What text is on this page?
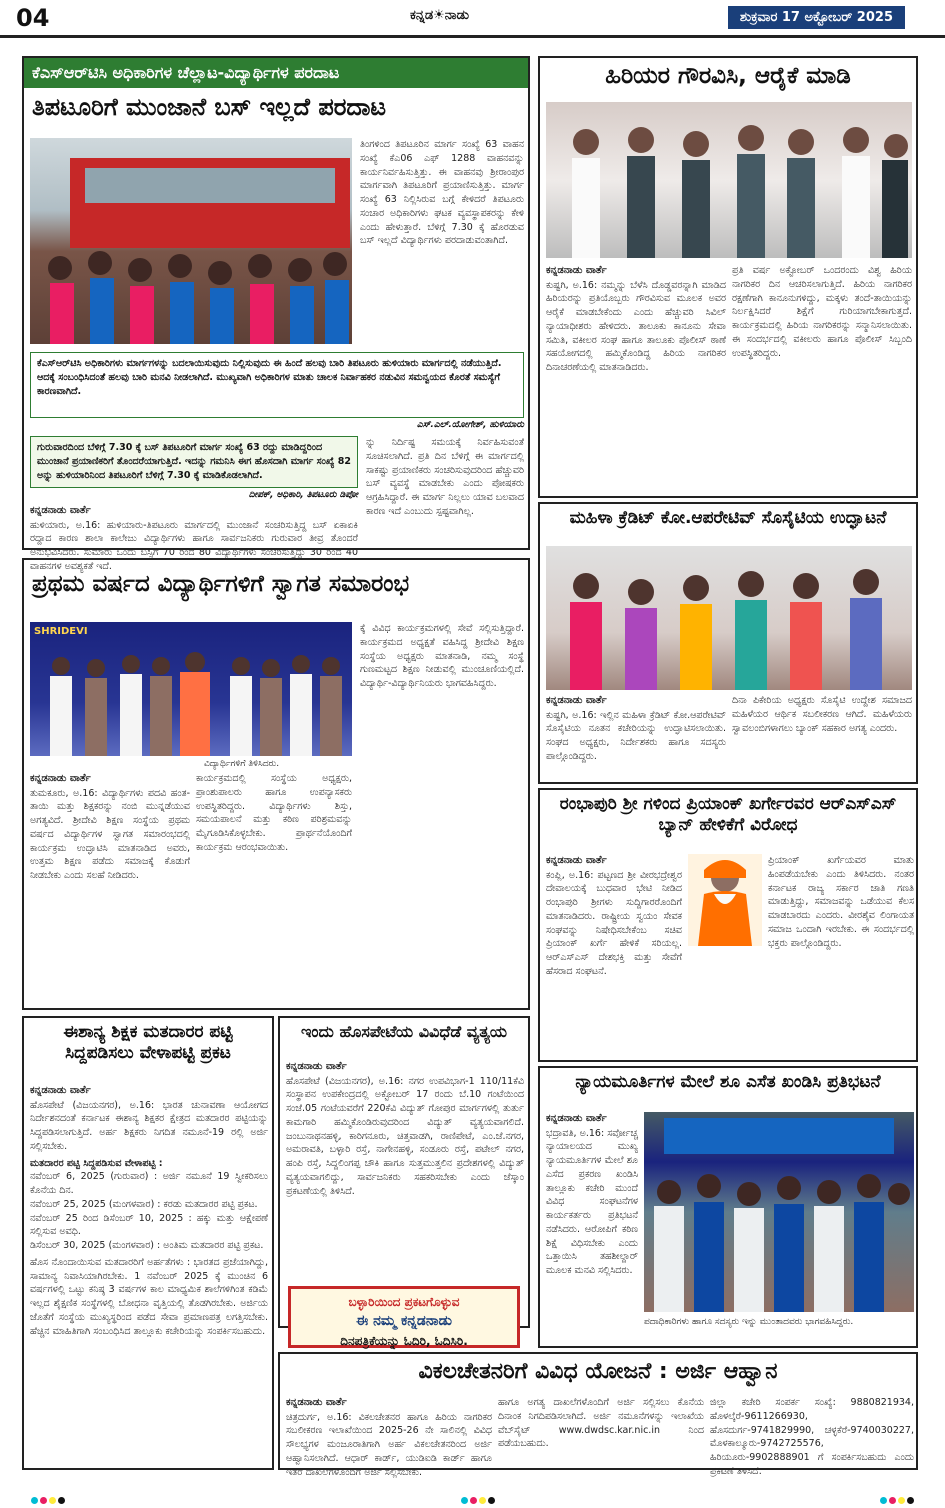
04	ಕನ್ನಡ☀ನಾಡು	ಶುಕ್ರವಾರ 17 ಅಕ್ಟೋಬರ್ 2025
ಕೆಎಸ್‌ಆರ್‌ಟಿಸಿ ಅಧಿಕಾರಿಗಳ ಚೆಲ್ಲಾಟ-ವಿದ್ಯಾರ್ಥಿಗಳ ಪರದಾಟ
ತಿಪಟೂರಿಗೆ ಮುಂಜಾನೆ ಬಸ್ ಇಲ್ಲದೆ ಪರದಾಟ
ತಿಂಗಳಿಂದ ತಿಪಟೂರಿನ ಮಾರ್ಗ ಸಂಖ್ಯೆ 63 ವಾಹನ ಸಂಖ್ಯೆ ಕೆಎ06 ಎಫ್ 1288 ವಾಹನವನ್ನು ಕಾರ್ಯನಿರ್ವಹಿಸುತ್ತಿತ್ತು. ಈ ವಾಹನವು ಶ್ರೀರಾಂಪುರ ಮಾರ್ಗವಾಗಿ ತಿಪಟೂರಿಗೆ ಪ್ರಯಾಣಿಸುತ್ತಿತ್ತು. ಮಾರ್ಗ ಸಂಖ್ಯೆ 63 ನಿಲ್ಲಿಸಿರುವ ಬಗ್ಗೆ ಕೇಳಿದರೆ ತಿಪಟೂರು ಸಂಚಾರ ಅಧಿಕಾರಿಗಳು ಘಟಕ ವ್ಯವಸ್ಥಾಪಕರನ್ನು ಕೇಳಿ ಎಂದು ಹೇಳುತ್ತಾರೆ. ಬೆಳಿಗ್ಗೆ 7.30 ಕ್ಕೆ ಹೊರಡುವ ಬಸ್ ಇಲ್ಲದೆ ವಿದ್ಯಾರ್ಥಿಗಳು ಪರದಾಡುವಂತಾಗಿದೆ.
ಕೆಎಸ್‌ಆರ್‌ಟಿಸಿ ಅಧಿಕಾರಿಗಳು ಮಾರ್ಗಗಳನ್ನು ಬದಲಾಯಿಸುವುದು ನಿಲ್ಲಿಸುವುದು ಈ ಹಿಂದೆ ಹಲವು ಬಾರಿ ತಿಪಟೂರು ಹುಳಿಯಾರು ಮಾರ್ಗದಲ್ಲಿ ನಡೆಯುತ್ತಿದೆ. ಆದಕ್ಕೆ ಸಂಬಂಧಿಸಿದಂತೆ ಹಲವು ಬಾರಿ ಮನವಿ ನೀಡಲಾಗಿದೆ. ಮುಖ್ಯವಾಗಿ ಅಧಿಕಾರಿಗಳ ಮಾತು ಚಾಲಕ ನಿರ್ವಾಹಕರ ನಡುವಿನ ಸಮನ್ವಯದ ಕೊರತೆ ಸಮಸ್ಯೆಗೆ ಕಾರಣವಾಗಿದೆ.
ಎಸ್.ಎಲ್.ಯೋಗೇಶ್, ಹುಳಿಯಾರು
ಗುರುವಾರದಿಂದ ಬೆಳಿಗ್ಗೆ 7.30 ಕ್ಕೆ ಬಸ್ ತಿಪಟೂರಿಗೆ ಮಾರ್ಗ ಸಂಖ್ಯೆ 63 ರದ್ದು ಮಾಡಿದ್ದರಿಂದ ಮುಂಜಾನೆ ಪ್ರಯಾಣಿಕರಿಗೆ ತೊಂದರೆಯಾಗುತ್ತಿದೆ. ಇದನ್ನು ಗಮನಿಸಿ ಈಗ ಹೊಸದಾಗಿ ಮಾರ್ಗ ಸಂಖ್ಯೆ 82 ಅನ್ನು ಹುಳಿಯಾರಿನಿಂದ ತಿಪಟೂರಿಗೆ ಬೆಳಿಗ್ಗೆ 7.30 ಕ್ಕೆ ಮಾಡಿಕೊಡಲಾಗಿದೆ.
ದೀಪಕ್, ಅಧಿಕಾರಿ, ತಿಪಟೂರು ಡಿಪೋ
ನ್ನು ನಿರ್ದಿಷ್ಟ ಸಮಯಕ್ಕೆ ನಿರ್ವಹಿಸುವಂತೆ ಸೂಚಿಸಲಾಗಿದೆ. ಪ್ರತಿ ದಿನ ಬೆಳಿಗ್ಗೆ ಈ ಮಾರ್ಗದಲ್ಲಿ ಸಾಕಷ್ಟು ಪ್ರಯಾಣಿಕರು ಸಂಚರಿಸುವುದರಿಂದ ಹೆಚ್ಚುವರಿ ಬಸ್ ವ್ಯವಸ್ಥೆ ಮಾಡಬೇಕು ಎಂದು ಪೋಷಕರು ಆಗ್ರಹಿಸಿದ್ದಾರೆ. ಈ ಮಾರ್ಗ ನಿಲ್ಲಲು ಯಾವ ಬಲವಾದ ಕಾರಣ ಇದೆ ಎಂಬುದು ಸ್ಪಷ್ಟವಾಗಿಲ್ಲ.
ಕನ್ನಡನಾಡು ವಾರ್ತೆ
ಹುಳಿಯಾರು, ಅ.16: ಹುಳಿಯಾರು-ತಿಪಟೂರು ಮಾರ್ಗದಲ್ಲಿ ಮುಂಜಾನೆ ಸಂಚರಿಸುತ್ತಿದ್ದ ಬಸ್ ಏಕಾಏಕಿ ರದ್ದಾದ ಕಾರಣ ಶಾಲಾ ಕಾಲೇಜು ವಿದ್ಯಾರ್ಥಿಗಳು ಹಾಗೂ ಸಾರ್ವಜನಿಕರು ಗುರುವಾರ ತೀವ್ರ ತೊಂದರೆ ಅನುಭವಿಸಿದರು. ಸುಮಾರು ಒಂದು ಬಸ್ಸಿಗೆ 70 ರಿಂದ 80 ವಿದ್ಯಾರ್ಥಿಗಳು ಸಂಚರಿಸುತ್ತಿದ್ದು 30 ರಿಂದ 40 ವಾಹನಗಳ ಅವಶ್ಯಕತೆ ಇದೆ.
ಪ್ರಥಮ ವರ್ಷದ ವಿದ್ಯಾರ್ಥಿಗಳಿಗೆ ಸ್ವಾಗತ ಸಮಾರಂಭ
SHRIDEVI
ವಿದ್ಯಾರ್ಥಿಗಳಿಗೆ ತಿಳಿಸಿದರು.
ಕ್ಕೆ ವಿವಿಧ ಕಾರ್ಯಕ್ರಮಗಳಲ್ಲಿ ಸೇವೆ ಸಲ್ಲಿಸುತ್ತಿದ್ದಾರೆ. ಕಾರ್ಯಕ್ರಮದ ಅಧ್ಯಕ್ಷತೆ ವಹಿಸಿದ್ದ ಶ್ರೀದೇವಿ ಶಿಕ್ಷಣ ಸಂಸ್ಥೆಯ ಅಧ್ಯಕ್ಷರು ಮಾತನಾಡಿ, ನಮ್ಮ ಸಂಸ್ಥೆ ಗುಣಮಟ್ಟದ ಶಿಕ್ಷಣ ನೀಡುವಲ್ಲಿ ಮುಂಚೂಣಿಯಲ್ಲಿದೆ. ವಿದ್ಯಾರ್ಥಿ-ವಿದ್ಯಾರ್ಥಿನಿಯರು ಭಾಗವಹಿಸಿದ್ದರು.
ಕನ್ನಡನಾಡು ವಾರ್ತೆ
ತುಮಕೂರು, ಅ.16: ವಿದ್ಯಾರ್ಥಿಗಳು ಪದವಿ ಹಂತ-ತಾಯಿ ಮತ್ತು ಶಿಕ್ಷಕರನ್ನು ನಂಬಿ ಮುನ್ನಡೆಯುವ ಅಗತ್ಯವಿದೆ. ಶ್ರೀದೇವಿ ಶಿಕ್ಷಣ ಸಂಸ್ಥೆಯ ಪ್ರಥಮ ವರ್ಷದ ವಿದ್ಯಾರ್ಥಿಗಳ ಸ್ವಾಗತ ಸಮಾರಂಭದಲ್ಲಿ ಕಾರ್ಯಕ್ರಮ ಉದ್ಘಾಟಿಸಿ ಮಾತನಾಡಿದ ಅವರು, ಉತ್ತಮ ಶಿಕ್ಷಣ ಪಡೆದು ಸಮಾಜಕ್ಕೆ ಕೊಡುಗೆ ನೀಡಬೇಕು ಎಂದು ಸಲಹೆ ನೀಡಿದರು.
ಕಾರ್ಯಕ್ರಮದಲ್ಲಿ ಸಂಸ್ಥೆಯ ಅಧ್ಯಕ್ಷರು, ಪ್ರಾಂಶುಪಾಲರು ಹಾಗೂ ಉಪನ್ಯಾಸಕರು ಉಪಸ್ಥಿತರಿದ್ದರು. ವಿದ್ಯಾರ್ಥಿಗಳು ಶಿಸ್ತು, ಸಮಯಪಾಲನೆ ಮತ್ತು ಕಠಿಣ ಪರಿಶ್ರಮವನ್ನು ಮೈಗೂಡಿಸಿಕೊಳ್ಳಬೇಕು. ಪ್ರಾರ್ಥನೆಯೊಂದಿಗೆ ಕಾರ್ಯಕ್ರಮ ಆರಂಭವಾಯಿತು.
ಈಶಾನ್ಯ ಶಿಕ್ಷಕ ಮತದಾರರ ಪಟ್ಟಿ ಸಿದ್ದಪಡಿಸಲು ವೇಳಾಪಟ್ಟಿ ಪ್ರಕಟ
ಕನ್ನಡನಾಡು ವಾರ್ತೆ
ಹೊಸಪೇಟೆ (ವಿಜಯನಗರ), ಅ.16: ಭಾರತ ಚುನಾವಣಾ ಆಯೋಗದ ನಿರ್ದೇಶನದಂತೆ ಕರ್ನಾಟಕ ಈಶಾನ್ಯ ಶಿಕ್ಷಕರ ಕ್ಷೇತ್ರದ ಮತದಾರರ ಪಟ್ಟಿಯನ್ನು ಸಿದ್ದಪಡಿಸಲಾಗುತ್ತಿದೆ. ಅರ್ಹ ಶಿಕ್ಷಕರು ನಿಗದಿತ ನಮೂನೆ-19 ರಲ್ಲಿ ಅರ್ಜಿ ಸಲ್ಲಿಸಬೇಕು.
ಮತದಾರರ ಪಟ್ಟಿ ಸಿದ್ದಪಡಿಸುವ ವೇಳಾಪಟ್ಟಿ :
ನವೆಂಬರ್ 6, 2025 (ಗುರುವಾರ) : ಅರ್ಜಿ ನಮೂನೆ 19 ಸ್ವೀಕರಿಸಲು ಕೊನೆಯ ದಿನ.
ನವೆಂಬರ್ 25, 2025 (ಮಂಗಳವಾರ) : ಕರಡು ಮತದಾರರ ಪಟ್ಟಿ ಪ್ರಕಟ.
ನವೆಂಬರ್ 25 ರಿಂದ ಡಿಸೆಂಬರ್ 10, 2025 : ಹಕ್ಕು ಮತ್ತು ಆಕ್ಷೇಪಣೆ ಸಲ್ಲಿಸುವ ಅವಧಿ.
ಡಿಸೆಂಬರ್ 30, 2025 (ಮಂಗಳವಾರ) : ಅಂತಿಮ ಮತದಾರರ ಪಟ್ಟಿ ಪ್ರಕಟ.
ಹೊಸ ನೊಂದಾಯಿಸುವ ಮತದಾರರಿಗೆ ಅರ್ಹತೆಗಳು : ಭಾರತದ ಪ್ರಜೆಯಾಗಿದ್ದು, ಸಾಮಾನ್ಯ ನಿವಾಸಿಯಾಗಿರಬೇಕು. 1 ನವೆಂಬರ್ 2025 ಕ್ಕೆ ಮುಂಚಿನ 6 ವರ್ಷಗಳಲ್ಲಿ ಒಟ್ಟು ಕನಿಷ್ಠ 3 ವರ್ಷಗಳ ಕಾಲ ಮಾಧ್ಯಮಿಕ ಶಾಲೆಗಳಿಗಿಂತ ಕಡಿಮೆ ಇಲ್ಲದ ಶೈಕ್ಷಣಿಕ ಸಂಸ್ಥೆಗಳಲ್ಲಿ ಬೋಧನಾ ವೃತ್ತಿಯಲ್ಲಿ ತೊಡಗಿರಬೇಕು. ಅರ್ಜಿಯ ಜೊತೆಗೆ ಸಂಸ್ಥೆಯ ಮುಖ್ಯಸ್ಥರಿಂದ ಪಡೆದ ಸೇವಾ ಪ್ರಮಾಣಪತ್ರ ಲಗತ್ತಿಸಬೇಕು. ಹೆಚ್ಚಿನ ಮಾಹಿತಿಗಾಗಿ ಸಂಬಂಧಿಸಿದ ತಾಲ್ಲೂಕು ಕಚೇರಿಯನ್ನು ಸಂಪರ್ಕಿಸಬಹುದು.
ಇಂದು ಹೊಸಪೇಟೆಯ ವಿವಿಧೆಡೆ ವ್ಯತ್ಯಯ
ಕನ್ನಡನಾಡು ವಾರ್ತೆ
ಹೊಸಪೇಟೆ (ವಿಜಯನಗರ), ಅ.16: ನಗರ ಉಪವಿಭಾಗ-1 110/11ಕೆವಿ ಸಂಸ್ಥಾಪನ ಉಪಕೇಂದ್ರದಲ್ಲಿ ಅಕ್ಟೋಬರ್ 17 ರಂದು ಬೆ.10 ಗಂಟೆಯಿಂದ ಸಂಜೆ.05 ಗಂಟೆಯವರೆಗೆ 220ಕೆವಿ ವಿದ್ಯುತ್ ಗೋಪುರ ಮಾರ್ಗಗಳಲ್ಲಿ ತುರ್ತು ಕಾಮಗಾರಿ ಹಮ್ಮಿಕೊಂಡಿರುವುದರಿಂದ ವಿದ್ಯುತ್ ವ್ಯತ್ಯಯವಾಗಲಿದೆ. ಜಂಬುನಾಥನಹಳ್ಳಿ, ಕಾರಿಗನೂರು, ಚಿತ್ತವಾಡಗಿ, ರಾಣಿಪೇಟೆ, ಎಂ.ಜೆ.ನಗರ, ಅಮರಾವತಿ, ಬಳ್ಳಾರಿ ರಸ್ತೆ, ನಾಗೇನಹಳ್ಳಿ, ಸಂಡೂರು ರಸ್ತೆ, ಪಟೇಲ್ ನಗರ, ಹಂಪಿ ರಸ್ತೆ, ಸಿದ್ದಲಿಂಗಪ್ಪ ಚೌಕಿ ಹಾಗೂ ಸುತ್ತಮುತ್ತಲಿನ ಪ್ರದೇಶಗಳಲ್ಲಿ ವಿದ್ಯುತ್ ವ್ಯತ್ಯಯವಾಗಲಿದ್ದು, ಸಾರ್ವಜನಿಕರು ಸಹಕರಿಸಬೇಕು ಎಂದು ಜೆಸ್ಕಾಂ ಪ್ರಕಟಣೆಯಲ್ಲಿ ತಿಳಿಸಿದೆ.
ಬಳ್ಳಾರಿಯಿಂದ ಪ್ರಕಟಗೊಳ್ಳುವ
ಈ ನಮ್ಮ ಕನ್ನಡನಾಡು
ದಿನಪತ್ರಿಕೆಯನ್ನು ಓದಿರಿ, ಓದಿಸಿರಿ.
ಹಿರಿಯರ ಗೌರವಿಸಿ, ಆರೈಕೆ ಮಾಡಿ
ಕನ್ನಡನಾಡು ವಾರ್ತೆ
ಕುಷ್ಟಗಿ, ಅ.16: ನಮ್ಮನ್ನು ಬೆಳೆಸಿ ದೊಡ್ಡವರನ್ನಾಗಿ ಮಾಡಿದ ಹಿರಿಯರನ್ನು ಪ್ರತಿಯೊಬ್ಬರು ಗೌರವಿಸುವ ಮೂಲಕ ಅವರ ಆರೈಕೆ ಮಾಡಬೇಕೆಂದು ಎಂದು ಹೆಚ್ಚುವರಿ ಸಿವಿಲ್ ನ್ಯಾಯಾಧೀಶರು ಹೇಳಿದರು. ತಾಲೂಕು ಕಾನೂನು ಸೇವಾ ಸಮಿತಿ, ವಕೀಲರ ಸಂಘ ಹಾಗೂ ತಾಲೂಕು ಪೊಲೀಸ್ ಠಾಣೆ ಸಹಯೋಗದಲ್ಲಿ ಹಮ್ಮಿಕೊಂಡಿದ್ದ ಹಿರಿಯ ನಾಗರಿಕರ ದಿನಾಚರಣೆಯಲ್ಲಿ ಮಾತನಾಡಿದರು.
ಪ್ರತಿ ವರ್ಷ ಅಕ್ಟೋಬರ್ ಒಂದರಂದು ವಿಶ್ವ ಹಿರಿಯ ನಾಗರಿಕರ ದಿನ ಆಚರಿಸಲಾಗುತ್ತಿದೆ. ಹಿರಿಯ ನಾಗರಿಕರ ರಕ್ಷಣೆಗಾಗಿ ಕಾನೂನುಗಳಿದ್ದು, ಮಕ್ಕಳು ತಂದೆ-ತಾಯಿಯನ್ನು ನಿರ್ಲಕ್ಷಿಸಿದರೆ ಶಿಕ್ಷೆಗೆ ಗುರಿಯಾಗಬೇಕಾಗುತ್ತದೆ. ಕಾರ್ಯಕ್ರಮದಲ್ಲಿ ಹಿರಿಯ ನಾಗರಿಕರನ್ನು ಸನ್ಮಾನಿಸಲಾಯಿತು. ಈ ಸಂದರ್ಭದಲ್ಲಿ ವಕೀಲರು ಹಾಗೂ ಪೊಲೀಸ್ ಸಿಬ್ಬಂದಿ ಉಪಸ್ಥಿತರಿದ್ದರು.
ಮಹಿಳಾ ಕ್ರೆಡಿಟ್ ಕೋ.ಆಪರೇಟಿವ್ ಸೊಸೈಟಿಯ ಉದ್ಘಾಟನೆ
ಕನ್ನಡನಾಡು ವಾರ್ತೆ
ಕುಷ್ಟಗಿ, ಅ.16: ಇಲ್ಲಿನ ಮಹಿಳಾ ಕ್ರೆಡಿಟ್ ಕೋ.ಆಪರೇಟಿವ್ ಸೊಸೈಟಿಯ ನೂತನ ಕಚೇರಿಯನ್ನು ಉದ್ಘಾಟಿಸಲಾಯಿತು. ಸಂಘದ ಅಧ್ಯಕ್ಷರು, ನಿರ್ದೇಶಕರು ಹಾಗೂ ಸದಸ್ಯರು ಪಾಲ್ಗೊಂಡಿದ್ದರು.
ದಿನಾ ಪಿಕೇರಿಯ ಅಧ್ಯಕ್ಷರು ಸೊಸೈಟಿ ಉದ್ದೇಶ ಸಮಾಜದ ಮಹಿಳೆಯರ ಆರ್ಥಿಕ ಸಬಲೀಕರಣ ಆಗಿದೆ. ಮಹಿಳೆಯರು ಸ್ವಾವಲಂಬಿಗಳಾಗಲು ಬ್ಯಾಂಕ್ ಸಹಕಾರ ಅಗತ್ಯ ಎಂದರು.
ರಂಭಾಪುರಿ ಶ್ರೀ ಗಳಿಂದ ಪ್ರಿಯಾಂಕ್ ಖರ್ಗೇರವರ ಆರ್‌ಎಸ್‌ಎಸ್ ಬ್ಯಾನ್ ಹೇಳಿಕೆಗೆ ವಿರೋಧ
ಕನ್ನಡನಾಡು ವಾರ್ತೆ
ಕಂಪ್ಲಿ, ಅ.16: ಪಟ್ಟಣದ ಶ್ರೀ ವೀರಭದ್ರೇಶ್ವರ ದೇವಾಲಯಕ್ಕೆ ಬುಧವಾರ ಭೇಟಿ ನೀಡಿದ ರಂಭಾಪುರಿ ಶ್ರೀಗಳು ಸುದ್ದಿಗಾರರೊಂದಿಗೆ ಮಾತನಾಡಿದರು. ರಾಷ್ಟ್ರೀಯ ಸ್ವಯಂ ಸೇವಕ ಸಂಘವನ್ನು ನಿಷೇಧಿಸಬೇಕೆಂಬ ಸಚಿವ ಪ್ರಿಯಾಂಕ್ ಖರ್ಗೆ ಹೇಳಿಕೆ ಸರಿಯಲ್ಲ. ಆರ್‌ಎಸ್‌ಎಸ್ ದೇಶಭಕ್ತಿ ಮತ್ತು ಸೇವೆಗೆ ಹೆಸರಾದ ಸಂಘಟನೆ.
ಪ್ರಿಯಾಂಕ್ ಖರ್ಗೆಯವರ ಮಾತು ಹಿಂಪಡೆಯಬೇಕು ಎಂದು ತಿಳಿಸಿದರು. ನಂತರ ಕರ್ನಾಟಕ ರಾಜ್ಯ ಸರ್ಕಾರ ಜಾತಿ ಗಣತಿ ಮಾಡುತ್ತಿದ್ದು, ಸಮಾಜವನ್ನು ಒಡೆಯುವ ಕೆಲಸ ಮಾಡಬಾರದು ಎಂದರು. ವೀರಶೈವ ಲಿಂಗಾಯತ ಸಮಾಜ ಒಂದಾಗಿ ಇರಬೇಕು. ಈ ಸಂದರ್ಭದಲ್ಲಿ ಭಕ್ತರು ಪಾಲ್ಗೊಂಡಿದ್ದರು.
ನ್ಯಾಯಮೂರ್ತಿಗಳ ಮೇಲೆ ಶೂ ಎಸೆತ ಖಂಡಿಸಿ ಪ್ರತಿಭಟನೆ
ಕನ್ನಡನಾಡು ವಾರ್ತೆ
ಭದ್ರಾವತಿ, ಅ.16: ಸರ್ವೋಚ್ಚ ನ್ಯಾಯಾಲಯದ ಮುಖ್ಯ ನ್ಯಾಯಮೂರ್ತಿಗಳ ಮೇಲೆ ಶೂ ಎಸೆದ ಪ್ರಕರಣ ಖಂಡಿಸಿ ತಾಲ್ಲೂಕು ಕಚೇರಿ ಮುಂದೆ ವಿವಿಧ ಸಂಘಟನೆಗಳ ಕಾರ್ಯಕರ್ತರು ಪ್ರತಿಭಟನೆ ನಡೆಸಿದರು. ಆರೋಪಿಗೆ ಕಠಿಣ ಶಿಕ್ಷೆ ವಿಧಿಸಬೇಕು ಎಂದು ಒತ್ತಾಯಿಸಿ ತಹಶೀಲ್ದಾರ್ ಮೂಲಕ ಮನವಿ ಸಲ್ಲಿಸಿದರು.
ಪದಾಧಿಕಾರಿಗಳು ಹಾಗೂ ಸದಸ್ಯರು ಇನ್ನು ಮುಂತಾದವರು ಭಾಗವಹಿಸಿದ್ದರು.
ವಿಕಲಚೇತನರಿಗೆ ವಿವಿಧ ಯೋಜನೆ : ಅರ್ಜಿ ಆಹ್ವಾನ
ಕನ್ನಡನಾಡು ವಾರ್ತೆ
ಚಿತ್ರದುರ್ಗ, ಅ.16: ವಿಕಲಚೇತನರ ಹಾಗೂ ಹಿರಿಯ ನಾಗರಿಕರ ಸಬಲೀಕರಣ ಇಲಾಖೆಯಿಂದ 2025-26 ನೇ ಸಾಲಿನಲ್ಲಿ ವಿವಿಧ ಸೌಲಭ್ಯಗಳ ಮಂಜೂರಾತಿಗಾಗಿ ಅರ್ಹ ವಿಕಲಚೇತನರಿಂದ ಅರ್ಜಿ ಆಹ್ವಾನಿಸಲಾಗಿದೆ. ಆಧಾರ್ ಕಾರ್ಡ್, ಯುಡಿಐಡಿ ಕಾರ್ಡ್ ಹಾಗೂ ಇತರೆ ದಾಖಲೆಗಳೊಂದಿಗೆ ಅರ್ಜಿ ಸಲ್ಲಿಸಬೇಕು.
ಹಾಗೂ ಅಗತ್ಯ ದಾಖಲೆಗಳೊಂದಿಗೆ ಅರ್ಜಿ ಸಲ್ಲಿಸಲು ಕೊನೆಯ ದಿನಾಂಕ ನಿಗದಿಪಡಿಸಲಾಗಿದೆ. ಅರ್ಜಿ ನಮೂನೆಗಳನ್ನು ಇಲಾಖೆಯ ವೆಬ್‌ಸೈಟ್ www.dwdsc.kar.nic.in ನಿಂದ ಪಡೆಯಬಹುದು.
ಜಿಲ್ಲಾ ಕಚೇರಿ ಸಂಪರ್ಕ ಸಂಖ್ಯೆ: 9880821934, ಹೊಳಲ್ಕೆರೆ-9611266930, ಹೊಸದುರ್ಗ-9741829990, ಚಳ್ಳಕೆರೆ-9740030227, ಮೊಳಕಾಲ್ಮೂರು-9742725576, ಹಿರಿಯೂರು-9902888901 ಗೆ ಸಂಪರ್ಕಿಸಬಹುದು ಎಂದು ಪ್ರಕಟಣೆ ತಿಳಿಸಿದೆ.
